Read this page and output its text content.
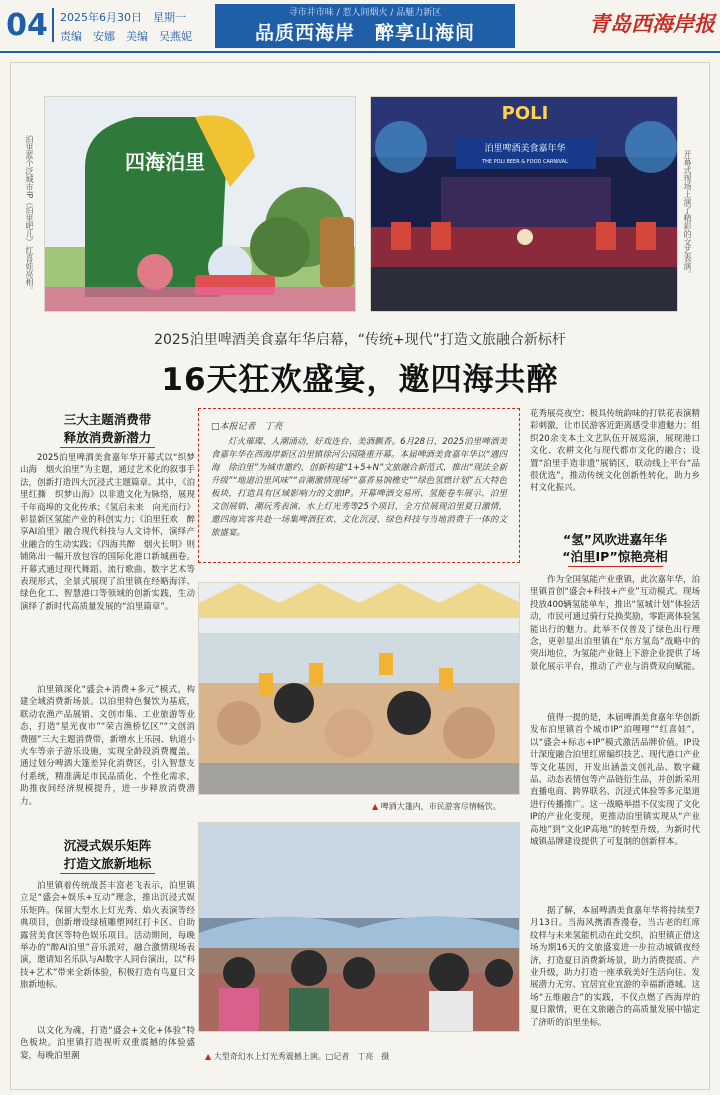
04 2025年6月30日　星期一
责编　安娜　美编　吴燕妮
寻市井市味 / 惹人间烟火 / 品魅力新区
品质西海岸　醉享山海间	青岛西海岸报
泊里蓝个泛城市IP（泊里吧儿）红喜娃亮相。	四海泊里
POLI
泊里啤酒美食嘉年华
THE POLI BEER & FOOD CARNIVAL	开幕式现场上演了精彩的文艺表演。
2025泊里啤酒美食嘉年华启幕，“传统+现代”打造文旅融合新标杆
16天狂欢盛宴，邀四海共醉
三大主题消费带
释放消费新潜力
2025泊里啤酒美食嘉年华开幕式以“织梦山海　烟火泊里”为主题，通过艺术化的叙事手法，创新打造四大沉浸式主题篇章。其中，《泊里红撕　织梦山海》以非遗文化为脉络，展现千年商埠的文化传承；《氢启未来　向光而行》彰显新区氢能产业的科创实力；《泊里狂欢　醉享AI泊里》融合现代科技与人文诗怀，演绎产业融合的生动实践；《四海共醉　烟火长明》则铺陈出一幅开放包容的国际化港口新城画卷。开幕式通过现代舞蹈、流行歌曲、数字艺术等表现形式，全景式展现了泊里镇在经略海洋、绿色化工、智慧港口等领域的创新实践，生动演绎了新时代高质量发展的“泊里篇章”。
泊里镇深化“盛会+消费+多元”模式，构建全域消费新场景。以泊里特色餐饮为基底，联动农渔产品展销、文创市集、工业旅游等业态，打造“星光夜市”“荣吉渔桥忆区”“文创消费圈”三大主题消费带，新增水上乐园、轨道小火车等亲子游乐设施，实现全龄段消费覆盖。通过划分啤酒大篷差异化消费区，引入智慧支付系统，精准满足市民品质化、个性化需求，助推夜间经济规模提升，进一步释放消费潜力。
沉浸式娱乐矩阵
打造文旅新地标
泊里镇着传统战荟丰富老飞表示，泊里镇立足“盛会+娱乐+互动”理念，推出沉浸式娱乐矩阵。保留大型水上灯光秀、焰火表演等经典项目，创新增设绿植雕塑网红打卡区、自助露营美食区等特色娱乐项目。活动期间，每晚举办的“醉AI泊里”音乐派对，融合激情现场表演，邀请知名乐队与AI数字人同台演出，以“科技+艺术”带来全新体验，积极打造有鸟夏日文旅新地标。
以文化为魂，打造“盛会+文化+体验”特色板块。泊里镇打造视听双重震撼的体验盛宴，每晚泊里潮
□本报记者　丁亮
灯火璀璨、人潮涌动，好戏连台、美酒飘香。6月28日，2025泊里啤酒美食嘉年华在西海岸新区泊里镇徐河公园隆重开幕。本届啤酒美食嘉年华以“遇四海　徐泊里”为城市邀约，创新构建“1+5+N”文旅融合新范式，推出“现法全新升级”“地道泊里风味”“音潮激情现场”“嘉香易饷樵史”“绿色氢燃计划”五大特色板块，打造具有区域影响力的文旅IP。开幕啤酒交易所、氢能卷车展示、泊里文创展销、潮玩秀表演、水上灯光秀等25个项目，全方位展现泊里夏日激情，邀四海宾客共赴一场集啤酒狂欢、文化沉浸、绿色科技与当地消费于一体的文旅盛宴。
▲ 啤酒大篷内，市民游客尽情畅饮。
▲ 大型奇幻水上灯光秀震撼上演。□记者　丁亮　摄
花秀展亮夜空；极具传统韵味的打铁花表演精彩刺激，让市民游客近距离感受非遗魅力；组织20余支本土文艺队伍开展巡演，展现港口文化、农耕文化与现代都市文化的融合；设置“泊里手造非遗”展销区，联动线上平台“品很优选”，推动传统文化创新性转化，助力乡村文化振兴。
“氢”风吹进嘉年华
“泊里IP”惊艳亮相
作为全国氢能产业重镇，此次嘉年华，泊里镇首创“盛会+科技+产业”互动模式。现场投放400辆氢能单车，推出“氢城计划”体验活动，市民可通过骑行兑换奖励，零距离体验氢能出行的魅力。此举不仅普及了绿色出行理念，更彰显出泊里镇在“东方氢岛”战略中的突出地位，为氢能产业链上下游企业提供了场景化展示平台，推动了产业与消费双向赋能。
值得一提的是，本届啤酒美食嘉年华创新发布泊里镇首个城市IP“泊哩哩”“红喜娃”，以“盛会+标志+IP”模式激活品牌价值。IP设计深度融合泊里红席编织技艺、现代港口产业等文化基因，开发出涵盖文创礼品、数字藏品、动态表情包等产品链衍生品，并创新采用直播电商、跨界联名、沉浸式体验等多元渠道进行传播推广。这一战略举措不仅实现了文化IP的产业化变现，更推动泊里镇实现从“产业高地”到“文化IP高地”的转型升级，为新时代城镇品牌建设提供了可复制的创新样本。
据了解，本届啤酒美食嘉年华将持续至7月13日。当海风携酒香漫卷，当古老的红席纹样与未来氢能机动在此交织，泊里镇正借这场为期16天的文旅盛宴进一步拉动城镇夜经济，打造夏日消费新场景，助力消费提质、产业升级，助力打造一座承载美好生活向往、发展潜力无穷、宜居宜业宜游的幸福新港城。这场“五维融合”的实践，不仅点燃了西海岸的夏日激情，更在文旅融合的高质量发展中锚定了济昕的泊里坐标。
